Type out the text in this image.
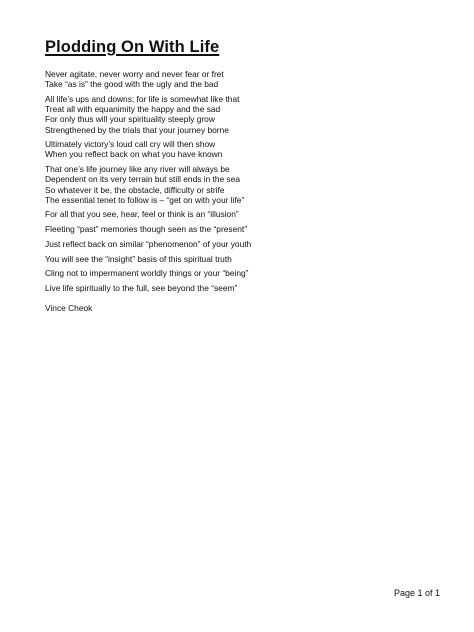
Plodding On With Life
Never agitate, never worry and never fear or fret
Take “as is” the good with the ugly and the bad
All life’s ups and downs; for life is somewhat like that
Treat all with equanimity the happy and the sad
For only thus will your spirituality steeply grow
Strengthened by the trials that your journey borne
Ultimately victory’s loud call cry will then show
When you reflect back on what you have known
That one’s life journey like any river will always be
Dependent on its very terrain but still ends in the sea
So whatever it be, the obstacle, difficulty or strife
The essential tenet to follow is – “get on with your life”
For all that you see, hear, feel or think is an “illusion”
Fleeting “past” memories though seen as the “present”
Just reflect back on similar “phenomenon” of your youth
You will see the “insight” basis of this spiritual truth
Cling not to impermanent worldly things or your “being”
Live life spiritually to the full, see beyond the “seem”
Vince Cheok
Page 1 of 1
